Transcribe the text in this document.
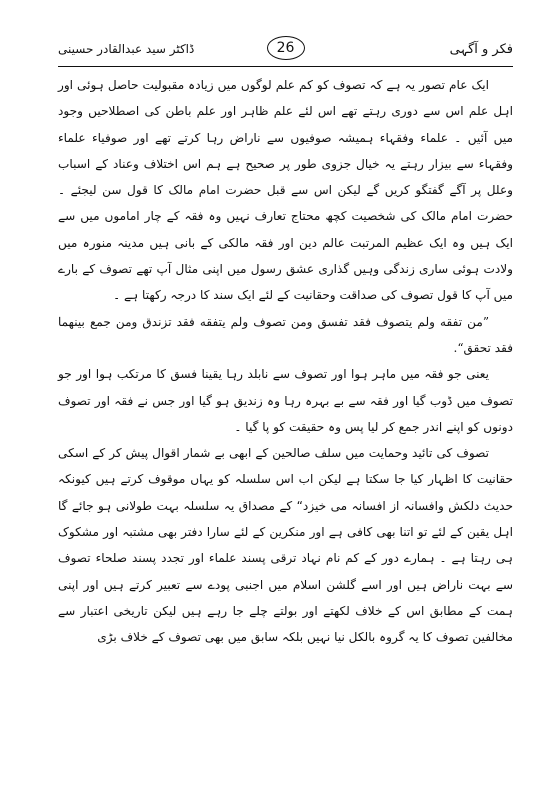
فکر و آگہی
26
ڈاکٹر سید عبدالقادر حسینی

ایک عام تصور یہ ہے کہ تصوف کو کم علم لوگوں میں زیادہ مقبولیت حاصل ہوئی اور اہل علم اس سے دوری رہتے تھے اس لئے علم ظاہر اور علم باطن کی اصطلاحیں وجود میں آئیں ۔ علماء وفقہاء ہمیشہ صوفیوں سے ناراض رہا کرتے تھے اور صوفیاء علماء وفقہاء سے بیزار رہتے یہ خیال جزوی طور پر صحیح ہے ہم اس اختلاف وعناد کے اسباب وعلل پر آگے گفتگو کریں گے لیکن اس سے قبل حضرت امام مالک کا قول سن لیجئے ۔ حضرت امام مالک کی شخصیت کچھ محتاج تعارف نہیں وہ فقہ کے چار اماموں میں سے ایک ہیں وہ ایک عظیم المرتبت عالم دین اور فقہ مالکی کے بانی ہیں مدینہ منورہ میں ولادت ہوئی ساری زندگی وہیں گذاری عشق رسول میں اپنی مثال آپ تھے تصوف کے بارے میں آپ کا قول تصوف کی صداقت وحقانیت کے لئے ایک سند کا درجہ رکھتا ہے ۔

”من تفقه ولم يتصوف فقد تفسق ومن تصوف ولم يتفقه فقد تزندق ومن جمع بينهما فقد تحقق“.

یعنی جو فقہ میں ماہر ہوا اور تصوف سے نابلد رہا یقینا فسق کا مرتکب ہوا اور جو تصوف میں ڈوب گیا اور فقہ سے بے بہرہ رہا وہ زندیق ہو گیا اور جس نے فقہ اور تصوف دونوں کو اپنے اندر جمع کر لیا پس وہ حقیقت کو پا گیا ۔

تصوف کی تائید وحمایت میں سلف صالحین کے ابھی بے شمار اقوال پیش کر کے اسکی حقانیت کا اظہار کیا جا سکتا ہے لیکن اب اس سلسلہ کو یہاں موقوف کرتے ہیں کیونکہ حدیث دلکش وافسانہ از افسانہ می خیزد“ کے مصداق یہ سلسلہ بہت طولانی ہو جائے گا اہل یقین کے لئے تو اتنا بھی کافی ہے اور منکرین کے لئے سارا دفتر بھی مشتبہ اور مشکوک ہی رہتا ہے ۔ ہمارے دور کے کم نام نہاد ترقی پسند علماء اور تجدد پسند صلحاء تصوف سے بہت ناراض ہیں اور اسے گلشن اسلام میں اجنبی پودے سے تعبیر کرتے ہیں اور اپنی ہمت کے مطابق اس کے خلاف لکھتے اور بولتے چلے جا رہے ہیں لیکن تاریخی اعتبار سے مخالفین تصوف کا یہ گروہ بالکل نیا نہیں بلکہ سابق میں بھی تصوف کے خلاف بڑی
